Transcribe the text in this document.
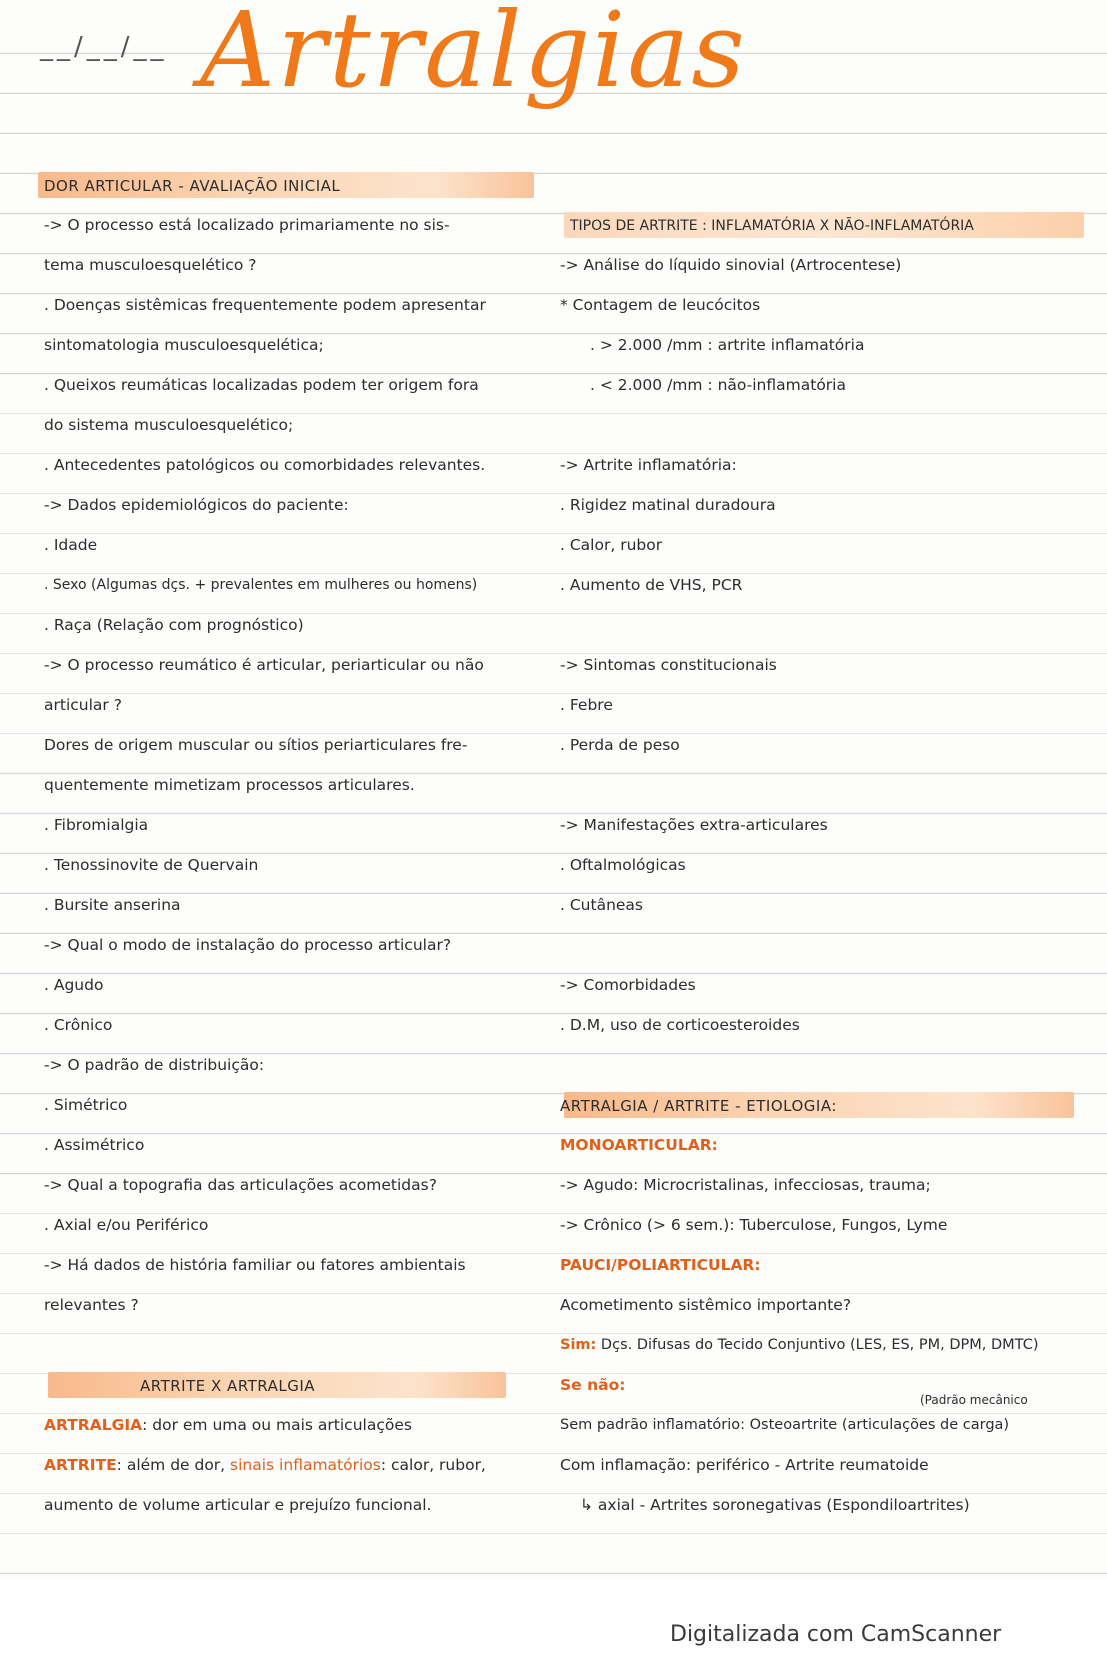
__/__/__ Artralgias
DOR ARTICULAR - AVALIAÇÃO INICIAL
-> O processo está localizado primariamente no sis-
tema musculoesquelético ?
. Doenças sistêmicas frequentemente podem apresentar
sintomatologia musculoesquelética;
. Queixos reumáticas localizadas podem ter origem fora
do sistema musculoesquelético;
. Antecedentes patológicos ou comorbidades relevantes.
-> Dados epidemiológicos do paciente:
. Idade
. Sexo (Algumas dçs. + prevalentes em mulheres ou homens)
. Raça (Relação com prognóstico)
-> O processo reumático é articular, periarticular ou não
articular ?
Dores de origem muscular ou sítios periarticulares fre-
quentemente mimetizam processos articulares.
. Fibromialgia
. Tenossinovite de Quervain
. Bursite anserina
-> Qual o modo de instalação do processo articular?
. Agudo
. Crônico
-> O padrão de distribuição:
. Simétrico
. Assimétrico
-> Qual a topografia das articulações acometidas?
. Axial e/ou Periférico
-> Há dados de história familiar ou fatores ambientais
relevantes ?
ARTRITE X ARTRALGIA
ARTRALGIA: dor em uma ou mais articulações
ARTRITE: além de dor, sinais inflamatórios: calor, rubor,
aumento de volume articular e prejuízo funcional.
TIPOS DE ARTRITE : INFLAMATÓRIA X NÃO-INFLAMATÓRIA
-> Análise do líquido sinovial (Artrocentese)
* Contagem de leucócitos
. > 2.000 /mm : artrite inflamatória
. < 2.000 /mm : não-inflamatória
-> Artrite inflamatória:
. Rigidez matinal duradoura
. Calor, rubor
. Aumento de VHS, PCR
-> Sintomas constitucionais
. Febre
. Perda de peso
-> Manifestações extra-articulares
. Oftalmológicas
. Cutâneas
-> Comorbidades
. D.M, uso de corticoesteroides
ARTRALGIA / ARTRITE - ETIOLOGIA:
MONOARTICULAR:
-> Agudo: Microcristalinas, infecciosas, trauma;
-> Crônico (> 6 sem.): Tuberculose, Fungos, Lyme
PAUCI/POLIARTICULAR:
Acometimento sistêmico importante?
Sim: Dçs. Difusas do Tecido Conjuntivo (LES, ES, PM, DPM, DMTC)
Se não:
(Padrão mecânico
Sem padrão inflamatório: Osteoartrite (articulações de carga)
Com inflamação: periférico - Artrite reumatoide
↳ axial - Artrites soronegativas (Espondiloartrites)
Digitalizada com CamScanner
